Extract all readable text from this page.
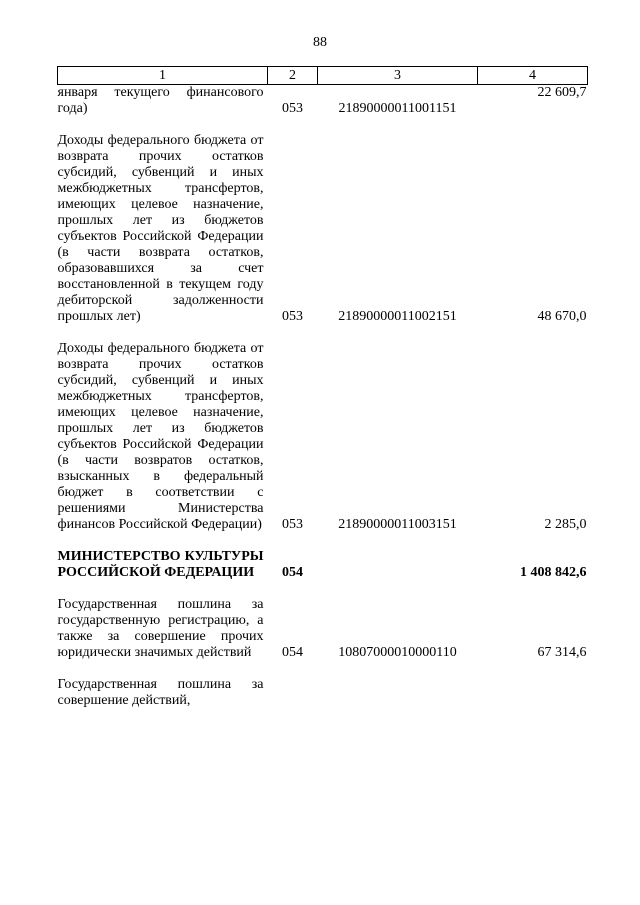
88
1	2	3	4

января текущего финансового года)	053	21890000011001151	22 609,7

Доходы федерального бюджета от возврата прочих остатков субсидий, субвенций и иных межбюджетных трансфертов, имеющих целевое назначение, прошлых лет из бюджетов субъектов Российской Федерации (в части возврата остатков, образовавшихся за счет восстановленной в текущем году дебиторской задолженности прошлых лет)	053	21890000011002151	48 670,0

Доходы федерального бюджета от возврата прочих остатков субсидий, субвенций и иных межбюджетных трансфертов, имеющих целевое назначение, прошлых лет из бюджетов субъектов Российской Федерации (в части возвратов остатков, взысканных в федеральный бюджет в соответствии с решениями Министерства финансов Российской Федерации)	053	21890000011003151	2 285,0

МИНИСТЕРСТВО КУЛЬТУРЫ РОССИЙСКОЙ ФЕДЕРАЦИИ	054		1 408 842,6

Государственная пошлина за государственную регистрацию, а также за совершение прочих юридически значимых действий	054	10807000010000110	67 314,6

Государственная пошлина за совершение действий,			
